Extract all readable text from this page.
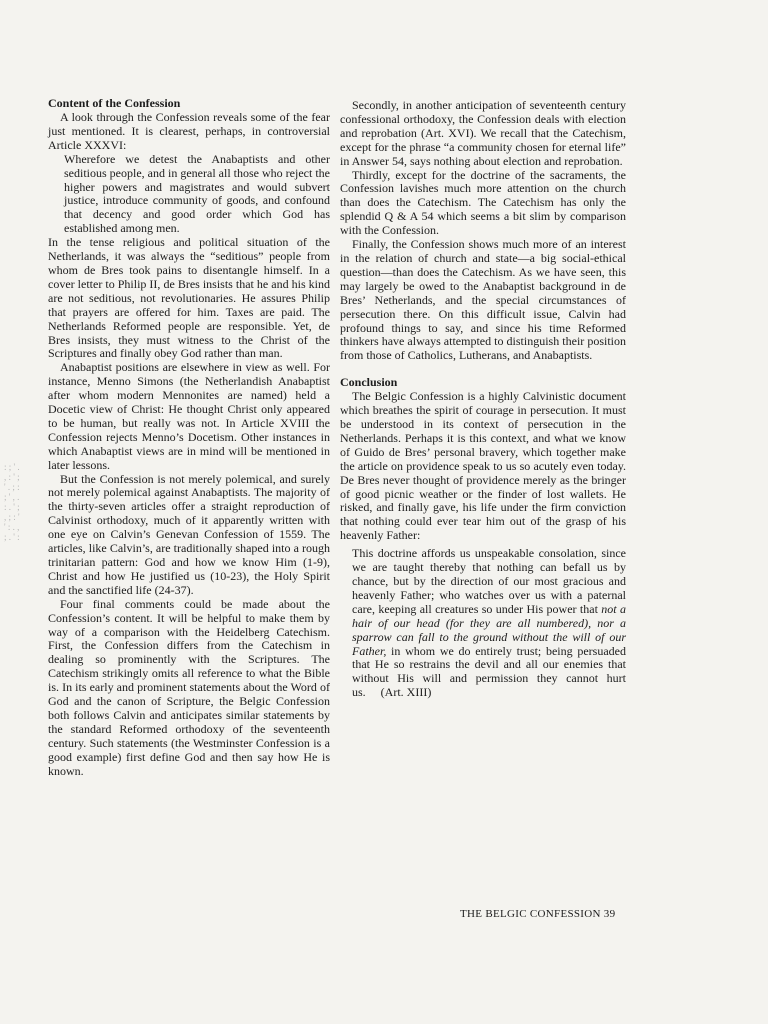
: ; ' .
, : ' ;
' . ; :
; ' , .
: . ' ;
, ; : '
' : . ,
; . ' :
Content of the Confession

A look through the Confession reveals some of the fear just mentioned. It is clearest, perhaps, in controversial Article XXXVI:

Wherefore we detest the Anabaptists and other seditious people, and in general all those who reject the higher powers and magistrates and would subvert justice, introduce community of goods, and confound that decency and good order which God has established among men.

In the tense religious and political situation of the Netherlands, it was always the “seditious” people from whom de Bres took pains to disentangle himself. In a cover letter to Philip II, de Bres insists that he and his kind are not seditious, not revolutionaries. He assures Philip that prayers are offered for him. Taxes are paid. The Netherlands Reformed people are responsible. Yet, de Bres insists, they must witness to the Christ of the Scriptures and finally obey God rather than man.

Anabaptist positions are elsewhere in view as well. For instance, Menno Simons (the Netherlandish Anabaptist after whom modern Mennonites are named) held a Docetic view of Christ: He thought Christ only appeared to be human, but really was not. In Article XVIII the Confession rejects Menno’s Docetism. Other instances in which Anabaptist views are in mind will be mentioned in later lessons.

But the Confession is not merely polemical, and surely not merely polemical against Anabaptists. The majority of the thirty-seven articles offer a straight reproduction of Calvinist orthodoxy, much of it apparently written with one eye on Calvin’s Genevan Confession of 1559. The articles, like Calvin’s, are traditionally shaped into a rough trinitarian pattern: God and how we know Him (1-9), Christ and how He justified us (10-23), the Holy Spirit and the sanctified life (24-37).

Four final comments could be made about the Confession’s content. It will be helpful to make them by way of a comparison with the Heidelberg Catechism. First, the Confession differs from the Catechism in dealing so prominently with the Scriptures. The Catechism strikingly omits all reference to what the Bible is. In its early and prominent statements about the Word of God and the canon of Scripture, the Belgic Confession both follows Calvin and anticipates similar statements by the standard Reformed orthodoxy of the seventeenth century. Such statements (the Westminster Confession is a good example) first define God and then say how He is known.

Secondly, in another anticipation of seventeenth century confessional orthodoxy, the Confession deals with election and reprobation (Art. XVI). We recall that the Catechism, except for the phrase “a community chosen for eternal life” in Answer 54, says nothing about election and reprobation.

Thirdly, except for the doctrine of the sacraments, the Confession lavishes much more attention on the church than does the Catechism. The Catechism has only the splendid Q & A 54 which seems a bit slim by comparison with the Confession.

Finally, the Confession shows much more of an interest in the relation of church and state—a big social-ethical question—than does the Catechism. As we have seen, this may largely be owed to the Anabaptist background in de Bres’ Netherlands, and the special circumstances of persecution there. On this difficult issue, Calvin had profound things to say, and since his time Reformed thinkers have always attempted to distinguish their position from those of Catholics, Lutherans, and Anabaptists.

Conclusion

The Belgic Confession is a highly Calvinistic document which breathes the spirit of courage in persecution. It must be understood in its context of persecution in the Netherlands. Perhaps it is this context, and what we know of Guido de Bres’ personal bravery, which together make the article on providence speak to us so acutely even today. De Bres never thought of providence merely as the bringer of good picnic weather or the finder of lost wallets. He risked, and finally gave, his life under the firm conviction that nothing could ever tear him out of the grasp of his heavenly Father:

This doctrine affords us unspeakable consolation, since we are taught thereby that nothing can befall us by chance, but by the direction of our most gracious and heavenly Father; who watches over us with a paternal care, keeping all creatures so under His power that not a hair of our head (for they are all numbered), nor a sparrow can fall to the ground without the will of our Father, in whom we do entirely trust; being persuaded that He so restrains the devil and all our enemies that without His will and permission they cannot hurt us. (Art. XIII)

THE BELGIC CONFESSION 39
